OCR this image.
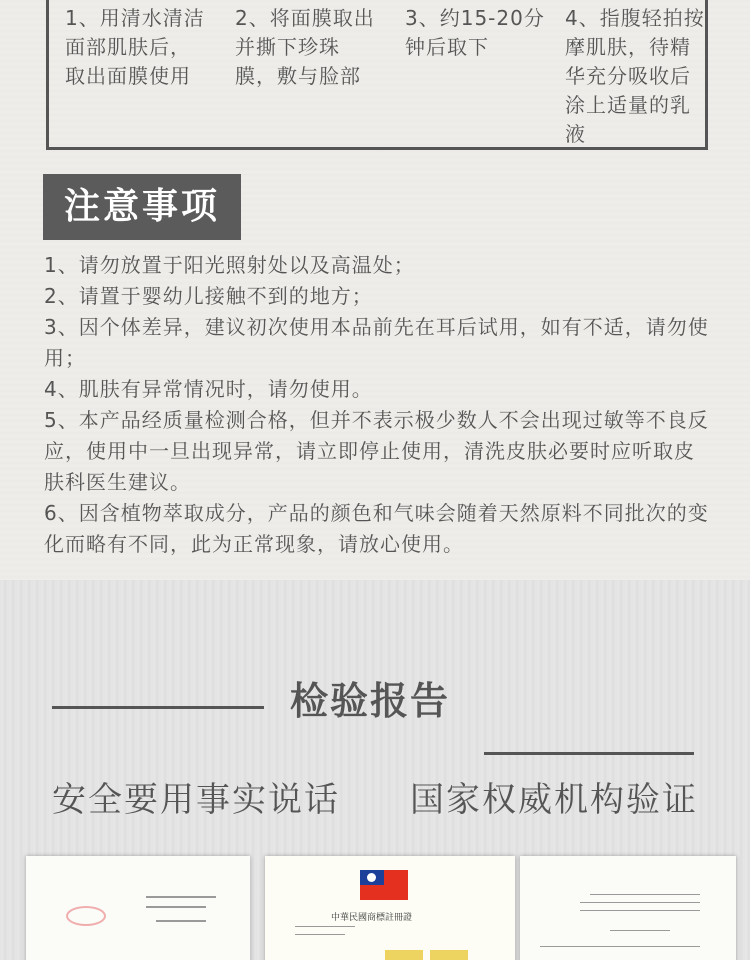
1、用清水清洁面部肌肤后，取出面膜使用
2、将面膜取出并撕下珍珠膜，敷与脸部
3、约15-20分钟后取下
4、指腹轻拍按摩肌肤，待精华充分吸收后涂上适量的乳液
注意事项
1、请勿放置于阳光照射处以及高温处；
2、请置于婴幼儿接触不到的地方；
3、因个体差异，建议初次使用本品前先在耳后试用，如有不适，请勿使用；
4、肌肤有异常情况时，请勿使用。
5、本产品经质量检测合格，但并不表示极少数人不会出现过敏等不良反应，使用中一旦出现异常，请立即停止使用，清洗皮肤必要时应听取皮肤科医生建议。
6、因含植物萃取成分，产品的颜色和气味会随着天然原料不同批次的变化而略有不同，此为正常现象，请放心使用。
检验报告
安全要用事实说话 国家权威机构验证
中華民國商標註冊證
